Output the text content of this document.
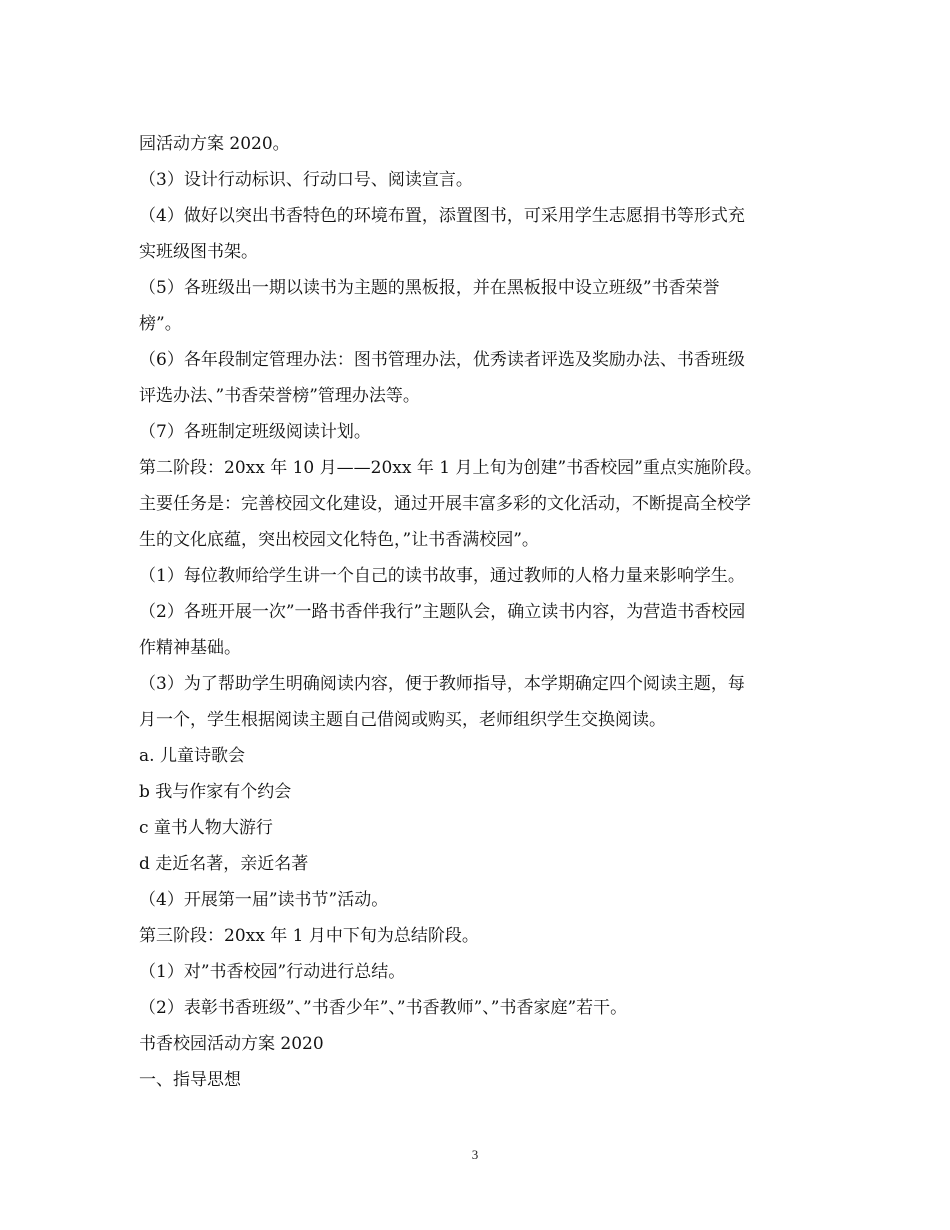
园活动方案 2020。
（3）设计行动标识、行动口号、阅读宣言。
（4）做好以突出书香特色的环境布置，添置图书，可采用学生志愿捐书等形式充
实班级图书架。
（5）各班级出一期以读书为主题的黑板报，并在黑板报中设立班级”书香荣誉
榜”。
（6）各年段制定管理办法：图书管理办法，优秀读者评选及奖励办法、书香班级
评选办法、”书香荣誉榜”管理办法等。
（7）各班制定班级阅读计划。
第二阶段：20xx 年 10 月——20xx 年 1 月上旬为创建”书香校园”重点实施阶段。
主要任务是：完善校园文化建设，通过开展丰富多彩的文化活动，不断提高全校学
生的文化底蕴，突出校园文化特色，”让书香满校园”。
（1）每位教师给学生讲一个自己的读书故事，通过教师的人格力量来影响学生。
（2）各班开展一次”一路书香伴我行”主题队会，确立读书内容，为营造书香校园
作精神基础。
（3）为了帮助学生明确阅读内容，便于教师指导，本学期确定四个阅读主题，每
月一个，学生根据阅读主题自己借阅或购买，老师组织学生交换阅读。
a. 儿童诗歌会
b 我与作家有个约会
c 童书人物大游行
d 走近名著，亲近名著
（4）开展第一届”读书节”活动。
第三阶段：20xx 年 1 月中下旬为总结阶段。
（1）对”书香校园”行动进行总结。
（2）表彰书香班级”、”书香少年”、”书香教师”、”书香家庭”若干。
书香校园活动方案 2020
一、指导思想
3
